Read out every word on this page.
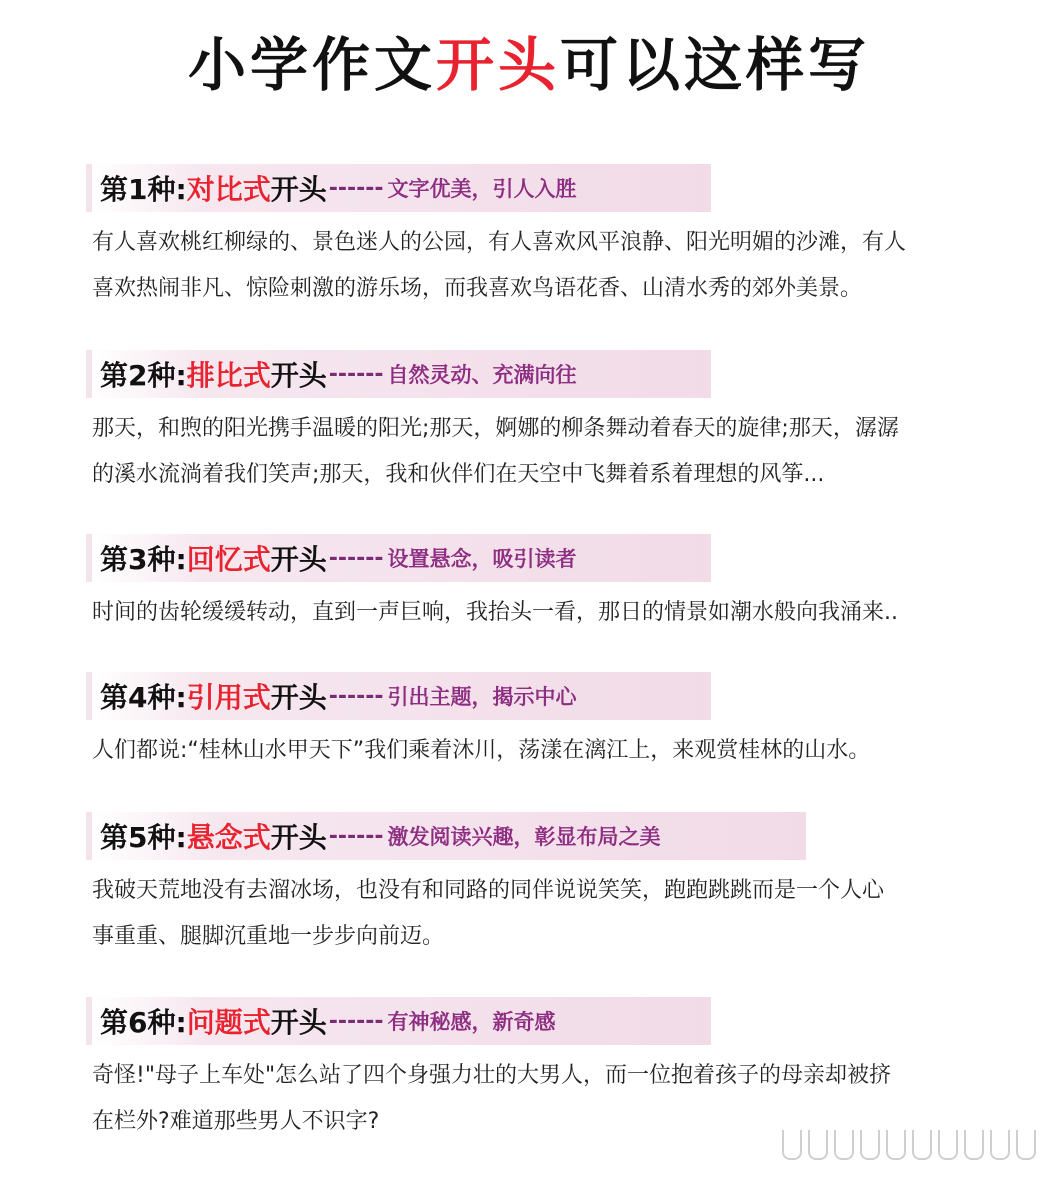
小学作文开头可以这样写
第1种: 对比式 开头 ------ 文字优美，引人入胜
有人喜欢桃红柳绿的、景色迷人的公园，有人喜欢风平浪静、阳光明媚的沙滩，有人
喜欢热闹非凡、惊险刺激的游乐场，而我喜欢鸟语花香、山清水秀的郊外美景。
第2种: 排比式 开头 ------ 自然灵动、充满向往
那天，和煦的阳光携手温暖的阳光;那天，婀娜的柳条舞动着春天的旋律;那天，潺潺
的溪水流淌着我们笑声;那天，我和伙伴们在天空中飞舞着系着理想的风筝...
第3种: 回忆式 开头 ------ 设置悬念，吸引读者
时间的齿轮缓缓转动，直到一声巨响，我抬头一看，那日的情景如潮水般向我涌来..
第4种: 引用式 开头 ------ 引出主题，揭示中心
人们都说:“桂林山水甲天下”我们乘着沐川，荡漾在漓江上，来观赏桂林的山水。
第5种: 悬念式 开头 ------ 激发阅读兴趣，彰显布局之美
我破天荒地没有去溜冰场，也没有和同路的同伴说说笑笑，跑跑跳跳而是一个人心
事重重、腿脚沉重地一步步向前迈。
第6种: 问题式 开头 ------ 有神秘感，新奇感
奇怪!"母子上车处"怎么站了四个身强力壮的大男人，而一位抱着孩子的母亲却被挤
在栏外?难道那些男人不识字?
